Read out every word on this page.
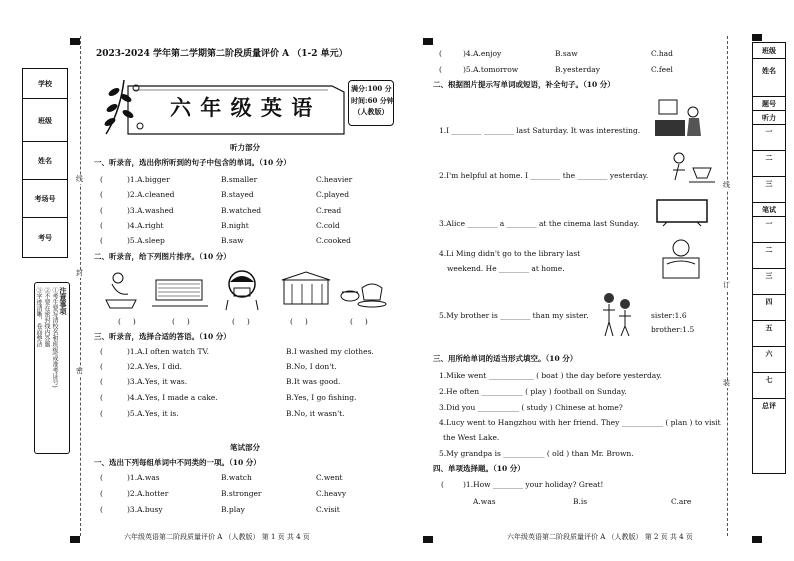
学校
班级
姓名
考场号
考号
注意事项
①考生要写清校名和班级(或准考证号)
②不要在密封线内答题
③字迹清晰，卷面整洁
线
封
密
2023-2024 学年第二学期第二阶段质量评价 A （1-2 单元）
六 年 级 英 语
满分:100 分
时间:60 分钟
（人教版）
听力部分
一、听录音，选出你所听到的句子中包含的单词。（10 分）
(	)1.A.bigger	B.smaller	C.heavier
(	)2.A.cleaned	B.stayed	C.played
(	)3.A.washed	B.watched	C.read
(	)4.A.right	B.night	C.cold
(	)5.A.sleep	B.saw	C.cooked
二、听录音，给下列图片排序。（10 分）
(     )	(     )	(     )	(     )	(     )
三、听录音，选择合适的答语。（10 分）
(	)1.A.I often watch TV.	B.I washed my clothes.
(	)2.A.Yes, I did.	B.No, I don't.
(	)3.A.Yes, it was.	B.It was good.
(	)4.A.Yes, I made a cake.	B.Yes, I go fishing.
(	)5.A.Yes, it is.	B.No, it wasn't.
笔试部分
一、选出下列每组单词中不同类的一项。（10 分）
(	)1.A.was	B.watch	C.went
(	)2.A.hotter	B.stronger	C.heavy
(	)3.A.busy	B.play	C.visit
六年级英语第二阶段质量评价 A （人教版） 第 1 页 共 4 页
(	)4.A.enjoy	B.saw	C.had
(	)5.A.tomorrow	B.yesterday	C.feel
二、根据图片提示写单词或短语，补全句子。（10 分）
1.I ________ ________ last Saturday. It was interesting.
2.I'm helpful at home. I ________ the ________ yesterday.
3.Alice ________ a ________ at the cinema last Sunday.
4.Li Ming didn't go to the library last
weekend. He ________ at home.
5.My brother is ________ than my sister.	sister:1.6
brother:1.5
三、用所给单词的适当形式填空。（10 分）
1.Mike went ____________ ( boat ) the day before yesterday.
2.He often ___________ ( play ) football on Sunday.
3.Did you ___________ ( study ) Chinese at home?
4.Lucy went to Hangzhou with her friend. They ___________ ( plan ) to visit
the West Lake.
5.My grandpa is ___________ ( old ) than Mr. Brown.
四、单项选择题。（10 分）
(	)1.How ________ your holiday? Great!
A.was	B.is	C.are
六年级英语第二阶段质量评价 A （人教版） 第 2 页 共 4 页
线
订
装
班级
姓名
题号
听力
一
二
三
笔试
一
二
三
四
五
六
七
总评
